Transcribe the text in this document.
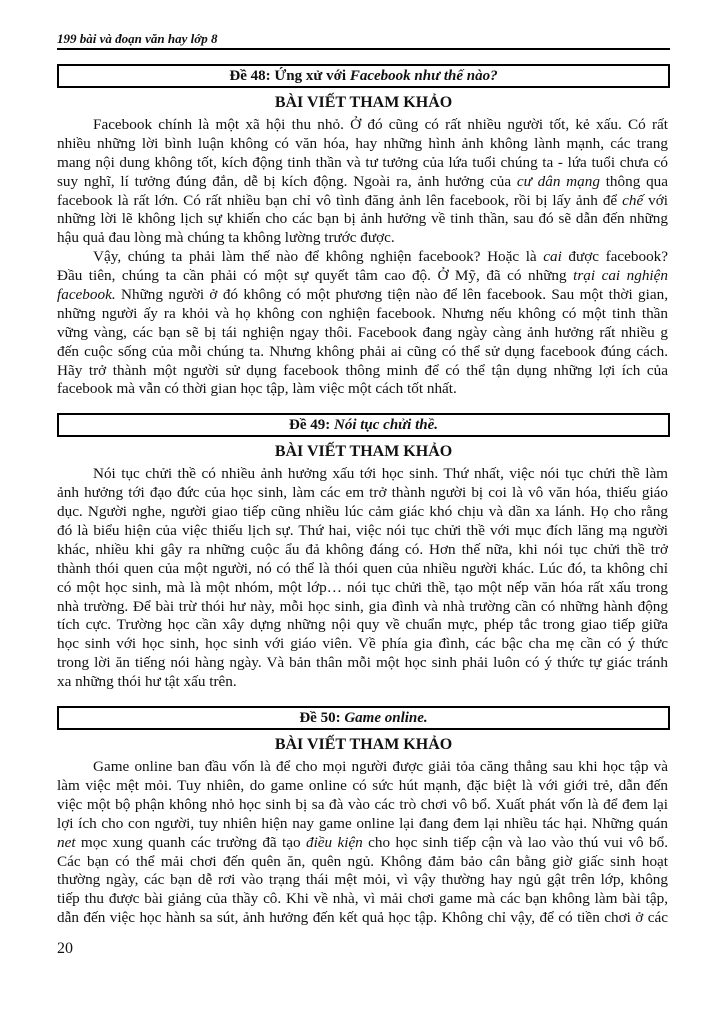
199 bài và đoạn văn hay lớp 8
Đề 48: Ứng xử với Facebook như thế nào?
BÀI VIẾT THAM KHẢO
Facebook chính là một xã hội thu nhỏ. Ở đó cũng có rất nhiều người tốt, kẻ xấu. Có rất
nhiều những lời bình luận không có văn hóa, hay những hình ảnh không lành mạnh, các trang
mang nội dung không tốt, kích động tinh thần và tư tưởng của lứa tuổi chúng ta - lứa tuổi chưa có
suy nghĩ, lí tưởng đúng đắn, dễ bị kích động. Ngoài ra, ảnh hưởng của cư dân mạng thông qua
facebook là rất lớn. Có rất nhiều bạn chỉ vô tình đăng ảnh lên facebook, rồi bị lấy ảnh để chế với
những lời lẽ không lịch sự khiến cho các bạn bị ảnh hưởng về tinh thần, sau đó sẽ dẫn đến những
hậu quả đau lòng mà chúng ta không lường trước được.
Vậy, chúng ta phải làm thế nào để không nghiện facebook? Hoặc là cai được facebook?
Đầu tiên, chúng ta cần phải có một sự quyết tâm cao độ. Ở Mỹ, đã có những trại cai nghiện
facebook. Những người ở đó không có một phương tiện nào để lên facebook. Sau một thời gian,
những người ấy ra khỏi và họ không con nghiện facebook. Nhưng nếu không có một tinh thần
vững vàng, các bạn sẽ bị tái nghiện ngay thôi. Facebook đang ngày càng ảnh hưởng rất nhiều g
đến cuộc sống của mỗi chúng ta. Nhưng không phải ai cũng có thể sử dụng facebook đúng cách.
Hãy trở thành một người sử dụng facebook thông minh để có thể tận dụng những lợi ích của
facebook mà vẫn có thời gian học tập, làm việc một cách tốt nhất.
Đề 49: Nói tục chửi thề.
BÀI VIẾT THAM KHẢO
Nói tục chửi thề có nhiều ảnh hưởng xấu tới học sinh. Thứ nhất, việc nói tục chửi thề làm
ảnh hưởng tới đạo đức của học sinh, làm các em trở thành người bị coi là vô văn hóa, thiếu giáo
dục. Người nghe, người giao tiếp cũng nhiều lúc cảm giác khó chịu và dần xa lánh. Họ cho rằng
đó là biểu hiện của việc thiếu lịch sự. Thứ hai, việc nói tục chửi thề với mục đích lăng mạ người
khác, nhiều khi gây ra những cuộc ẩu đả không đáng có. Hơn thế nữa, khi nói tục chửi thề trở
thành thói quen của một người, nó có thể là thói quen của nhiều người khác. Lúc đó, ta không chỉ
có một học sinh, mà là một nhóm, một lớp… nói tục chửi thề, tạo một nếp văn hóa rất xấu trong
nhà trường. Để bài trừ thói hư này, mỗi học sinh, gia đình và nhà trường cần có những hành động
tích cực. Trường học cần xây dựng những nội quy về chuẩn mực, phép tắc trong giao tiếp giữa
học sinh với học sinh, học sinh với giáo viên. Về phía gia đình, các bậc cha mẹ cần có ý thức
trong lời ăn tiếng nói hàng ngày. Và bản thân mỗi một học sinh phải luôn có ý thức tự giác tránh
xa những thói hư tật xấu trên.
Đề 50: Game online.
BÀI VIẾT THAM KHẢO
Game online ban đầu vốn là để cho mọi người được giải tỏa căng thẳng sau khi học tập và
làm việc mệt mỏi. Tuy nhiên, do game online có sức hút mạnh, đặc biệt là với giới trẻ, dẫn đến
việc một bộ phận không nhỏ học sinh bị sa đà vào các trò chơi vô bổ. Xuất phát vốn là để đem lại
lợi ích cho con người, tuy nhiên hiện nay game online lại đang đem lại nhiều tác hại. Những quán
net mọc xung quanh các trường đã tạo điều kiện cho học sinh tiếp cận và lao vào thú vui vô bổ.
Các bạn có thể mải chơi đến quên ăn, quên ngủ. Không đảm bảo cân bằng giờ giấc sinh hoạt
thường ngày, các bạn dễ rơi vào trạng thái mệt mỏi, vì vậy thường hay ngủ gật trên lớp, không
tiếp thu được bài giảng của thầy cô. Khi về nhà, vì mải chơi game mà các bạn không làm bài tập,
dẫn đến việc học hành sa sút, ảnh hưởng đến kết quả học tập. Không chỉ vậy, để có tiền chơi ở các
20
